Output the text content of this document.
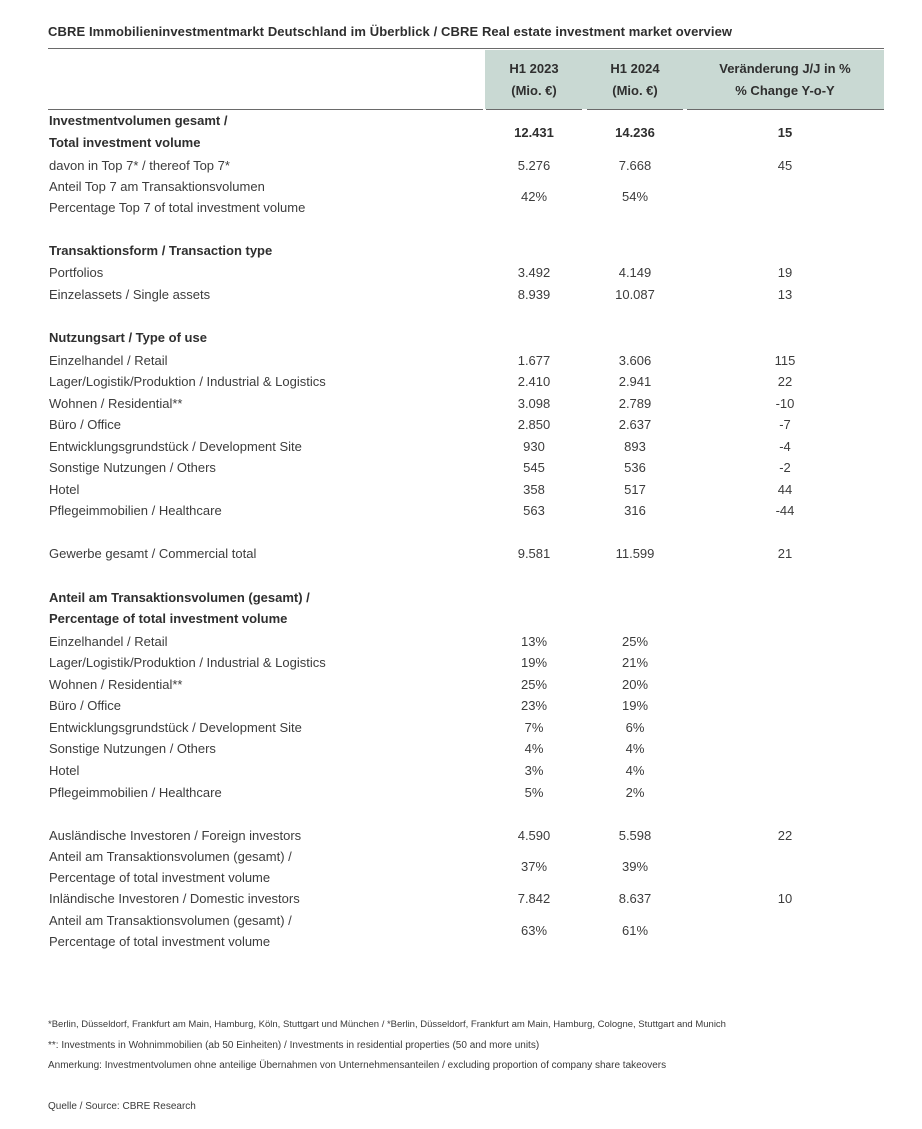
CBRE Immobilieninvestmentmarkt Deutschland im Überblick / CBRE Real estate investment market overview
H1 2023
(Mio. €)
H1 2024
(Mio. €)
Veränderung J/J in %
% Change Y-o-Y
Investmentvolumen gesamt /
Total investment volume
12.431	14.236	15
davon in Top 7* / thereof Top 7*	5.276	7.668	45
Anteil Top 7 am Transaktionsvolumen
Percentage Top 7 of total investment volume
42%	54%
Transaktionsform / Transaction type
Portfolios	3.492	4.149	19
Einzelassets / Single assets	8.939	10.087	13
Nutzungsart / Type of use
Einzelhandel / Retail	1.677	3.606	115
Lager/Logistik/Produktion / Industrial & Logistics	2.410	2.941	22
Wohnen / Residential**	3.098	2.789	-10
Büro / Office	2.850	2.637	-7
Entwicklungsgrundstück / Development Site	930	893	-4
Sonstige Nutzungen / Others	545	536	-2
Hotel	358	517	44
Pflegeimmobilien / Healthcare	563	316	-44
Gewerbe gesamt / Commercial total	9.581	11.599	21
Anteil am Transaktionsvolumen (gesamt) /
Percentage of total investment volume
Einzelhandel / Retail	13%	25%
Lager/Logistik/Produktion / Industrial & Logistics	19%	21%
Wohnen / Residential**	25%	20%
Büro / Office	23%	19%
Entwicklungsgrundstück / Development Site	7%	6%
Sonstige Nutzungen / Others	4%	4%
Hotel	3%	4%
Pflegeimmobilien / Healthcare	5%	2%
Ausländische Investoren / Foreign investors	4.590	5.598	22
Anteil am Transaktionsvolumen (gesamt) /
Percentage of total investment volume
37%	39%
Inländische Investoren / Domestic investors	7.842	8.637	10
Anteil am Transaktionsvolumen (gesamt) /
Percentage of total investment volume
63%	61%
*Berlin, Düsseldorf, Frankfurt am Main, Hamburg, Köln, Stuttgart und München / *Berlin, Düsseldorf, Frankfurt am Main, Hamburg, Cologne, Stuttgart and Munich
**: Investments in Wohnimmobilien (ab 50 Einheiten) / Investments in residential properties (50 and more units)
Anmerkung: Investmentvolumen ohne anteilige Übernahmen von Unternehmensanteilen / excluding proportion of company share takeovers
Quelle / Source: CBRE Research
